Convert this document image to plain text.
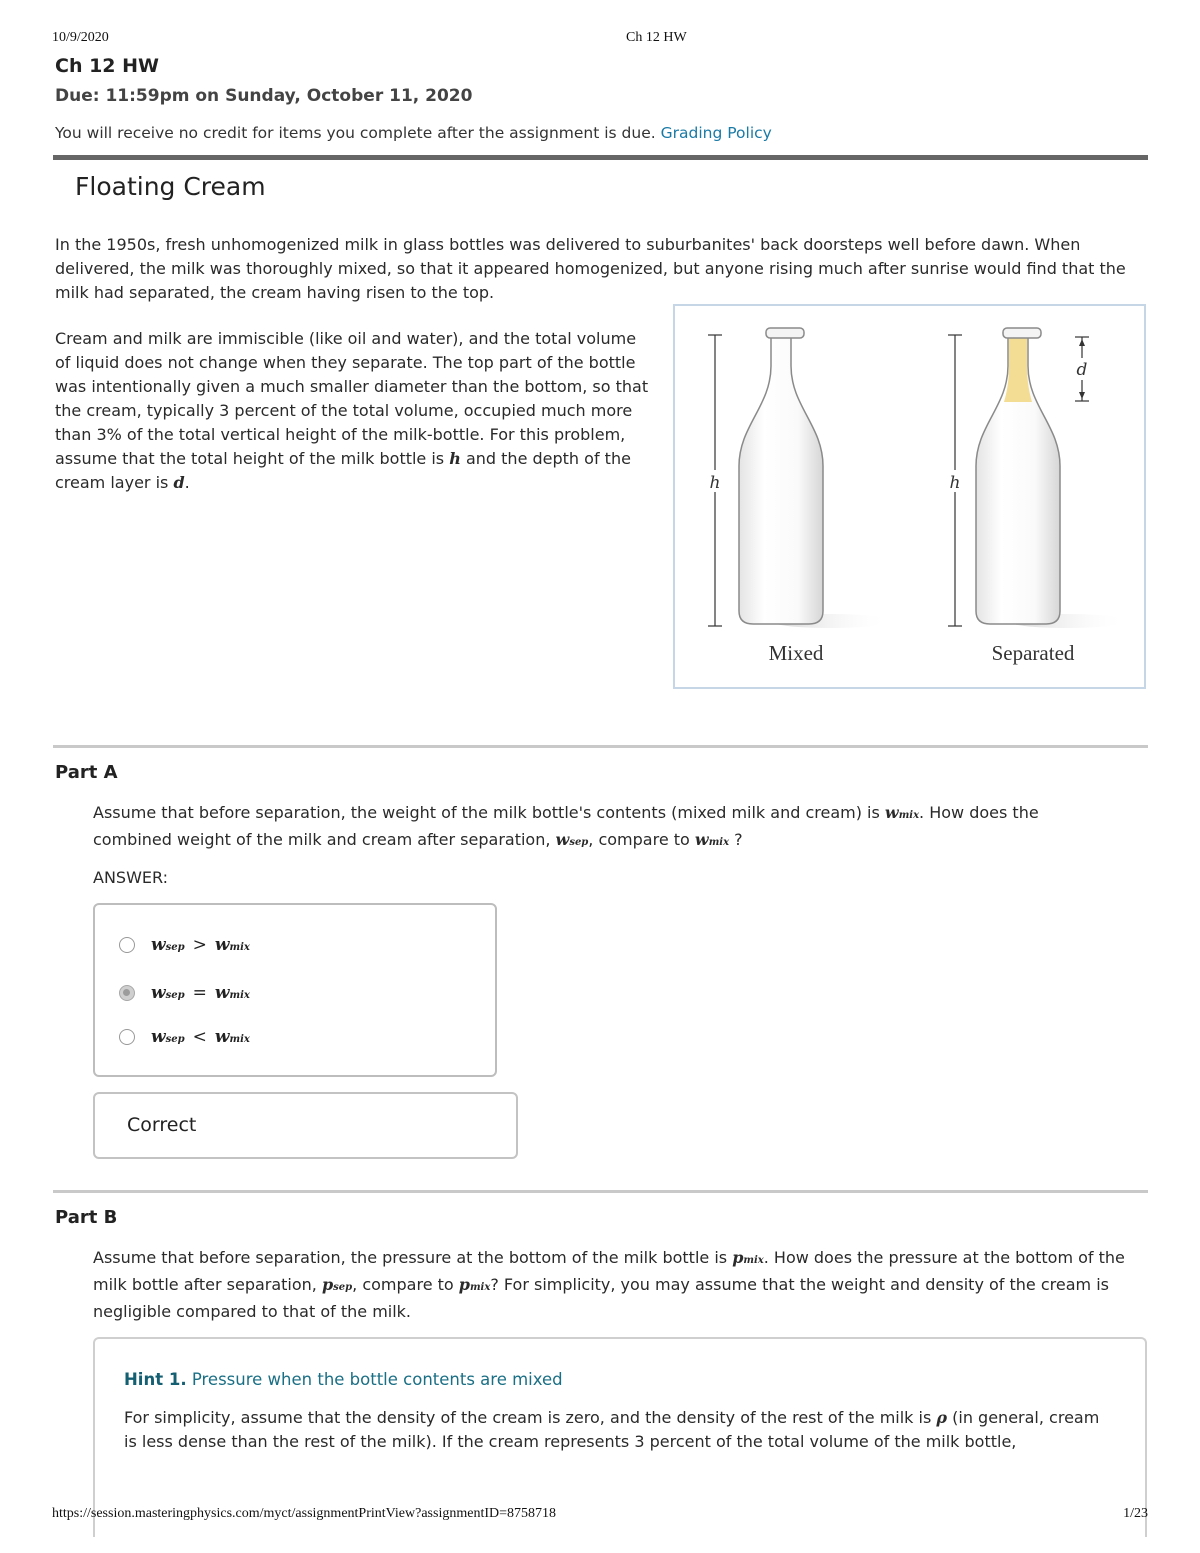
10/9/2020	Ch 12 HW
Ch 12 HW
Due: 11:59pm on Sunday, October 11, 2020
You will receive no credit for items you complete after the assignment is due. Grading Policy
Floating Cream
In the 1950s, fresh unhomogenized milk in glass bottles was delivered to suburbanites' back doorsteps well before dawn. When delivered, the milk was thoroughly mixed, so that it appeared homogenized, but anyone rising much after sunrise would find that the milk had separated, the cream having risen to the top.
Cream and milk are immiscible (like oil and water), and the total volume of liquid does not change when they separate. The top part of the bottle was intentionally given a much smaller diameter than the bottom, so that the cream, typically 3 percent of the total volume, occupied much more than 3% of the total vertical height of the milk-bottle. For this problem, assume that the total height of the milk bottle is h and the depth of the cream layer is d.	h	h
d
Mixed	Separated
Part A
Assume that before separation, the weight of the milk bottle's contents (mixed milk and cream) is wmix. How does the combined weight of the milk and cream after separation, wsep, compare to wmix ?
ANSWER:
wsep > wmix
wsep = wmix
wsep < wmix
Correct
Part B
Assume that before separation, the pressure at the bottom of the milk bottle is pmix. How does the pressure at the bottom of the milk bottle after separation, psep, compare to pmix? For simplicity, you may assume that the weight and density of the cream is negligible compared to that of the milk.
Hint 1. Pressure when the bottle contents are mixed
For simplicity, assume that the density of the cream is zero, and the density of the rest of the milk is ρ (in general, cream is less dense than the rest of the milk). If the cream represents 3 percent of the total volume of the milk bottle,
https://session.masteringphysics.com/myct/assignmentPrintView?assignmentID=8758718	1/23
